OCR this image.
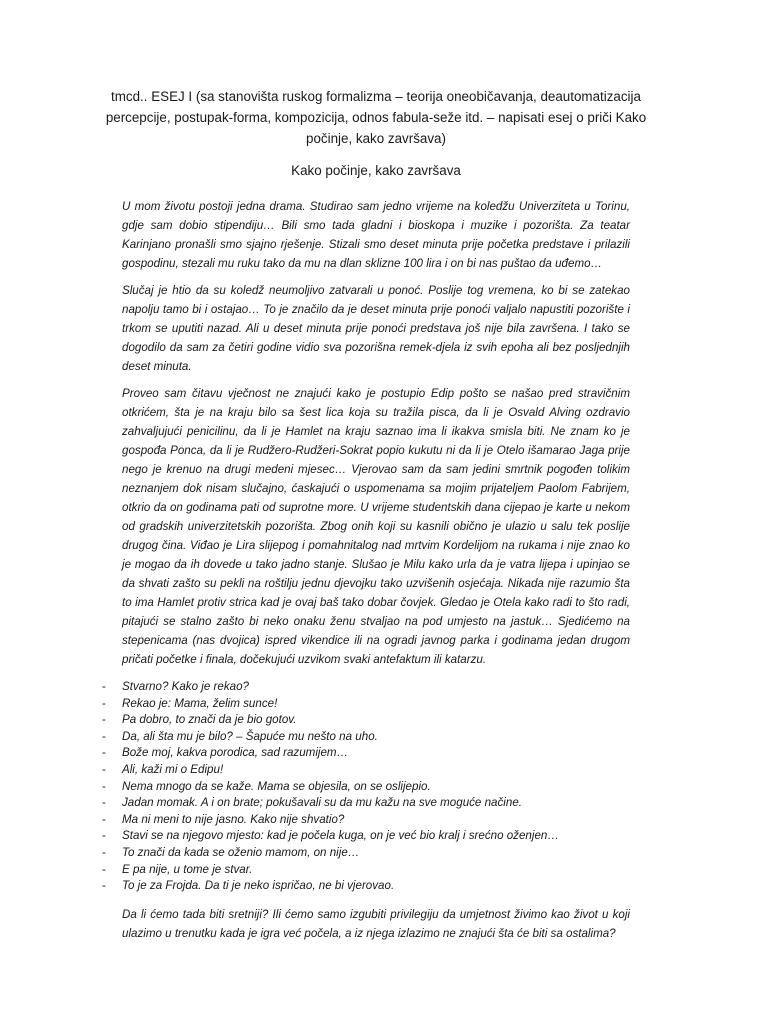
tmcd.. ESEJ I (sa stanovišta ruskog formalizma – teorija oneobičavanja, deautomatizacija percepcije, postupak-forma, kompozicija, odnos fabula-seže itd. – napisati esej o priči Kako počinje, kako završava)
Kako počinje, kako završava

U mom životu postoji jedna drama. Studirao sam jedno vrijeme na koledžu Univerziteta u Torinu, gdje sam dobio stipendiju… Bili smo tada gladni i bioskopa i muzike i pozorišta. Za teatar Karinjano pronašli smo sjajno rješenje. Stizali smo deset minuta prije početka predstave i prilazili gospodinu, stezali mu ruku tako da mu na dlan sklizne 100 lira i on bi nas puštao da uđemo…

Slučaj je htio da su koledž neumoljivo zatvarali u ponoć. Poslije tog vremena, ko bi se zatekao napolju tamo bi i ostajao… To je značilo da je deset minuta prije ponoći valjalo napustiti pozorište i trkom se uputiti nazad. Ali u deset minuta prije ponoći predstava još nije bila završena. I tako se dogodilo da sam za četiri godine vidio sva pozorišna remek-djela iz svih epoha ali bez posljednjih deset minuta.

Proveo sam čitavu vječnost ne znajući kako je postupio Edip pošto se našao pred stravičnim otkrićem, šta je na kraju bilo sa šest lica koja su tražila pisca, da li je Osvald Alving ozdravio zahvaljujući penicilinu, da li je Hamlet na kraju saznao ima li ikakva smisla biti. Ne znam ko je gospođa Ponca, da li je Rudžero-Rudžeri-Sokrat popio kukutu ni da li je Otelo išamarao Jaga prije nego je krenuo na drugi medeni mjesec… Vjerovao sam da sam jedini smrtnik pogođen tolikim neznanjem dok nisam slučajno, ćaskajući o uspomenama sa mojim prijateljem Paolom Fabrijem, otkrio da on godinama pati od suprotne more. U vrijeme studentskih dana cijepao je karte u nekom od gradskih univerzitetskih pozorišta. Zbog onih koji su kasnili obično je ulazio u salu tek poslije drugog čina. Viđao je Lira slijepog i pomahnitalog nad mrtvim Kordelijom na rukama i nije znao ko je mogao da ih dovede u tako jadno stanje. Slušao je Milu kako urla da je vatra lijepa i upinjao se da shvati zašto su pekli na roštilju jednu djevojku tako uzvišenih osjećaja. Nikada nije razumio šta to ima Hamlet protiv strica kad je ovaj baš tako dobar čovjek. Gledao je Otela kako radi to što radi, pitajući se stalno zašto bi neko onaku ženu stvaljao na pod umjesto na jastuk… Sjedićemo na stepenicama (nas dvojica) ispred vikendice ili na ogradi javnog parka i godinama jedan drugom pričati početke i finala, dočekujući uzvikom svaki antefaktum ili katarzu.

- Stvarno? Kako je rekao?
- Rekao je: Mama, želim sunce!
- Pa dobro, to znači da je bio gotov.
- Da, ali šta mu je bilo? – Šapuće mu nešto na uho.
- Bože moj, kakva porodica, sad razumijem…
- Ali, kaži mi o Edipu!
- Nema mnogo da se kaže. Mama se objesila, on se oslijepio.
- Jadan momak. A i on brate; pokušavali su da mu kažu na sve moguće načine.
- Ma ni meni to nije jasno. Kako nije shvatio?
- Stavi se na njegovo mjesto: kad je počela kuga, on je već bio kralj i srećno oženjen…
- To znači da kada se oženio mamom, on nije…
- E pa nije, u tome je stvar.
- To je za Frojda. Da ti je neko ispričao, ne bi vjerovao.

Da li ćemo tada biti sretniji? Ili ćemo samo izgubiti privilegiju da umjetnost živimo kao život u koji ulazimo u trenutku kada je igra već počela, a iz njega izlazimo ne znajući šta će biti sa ostalima?
